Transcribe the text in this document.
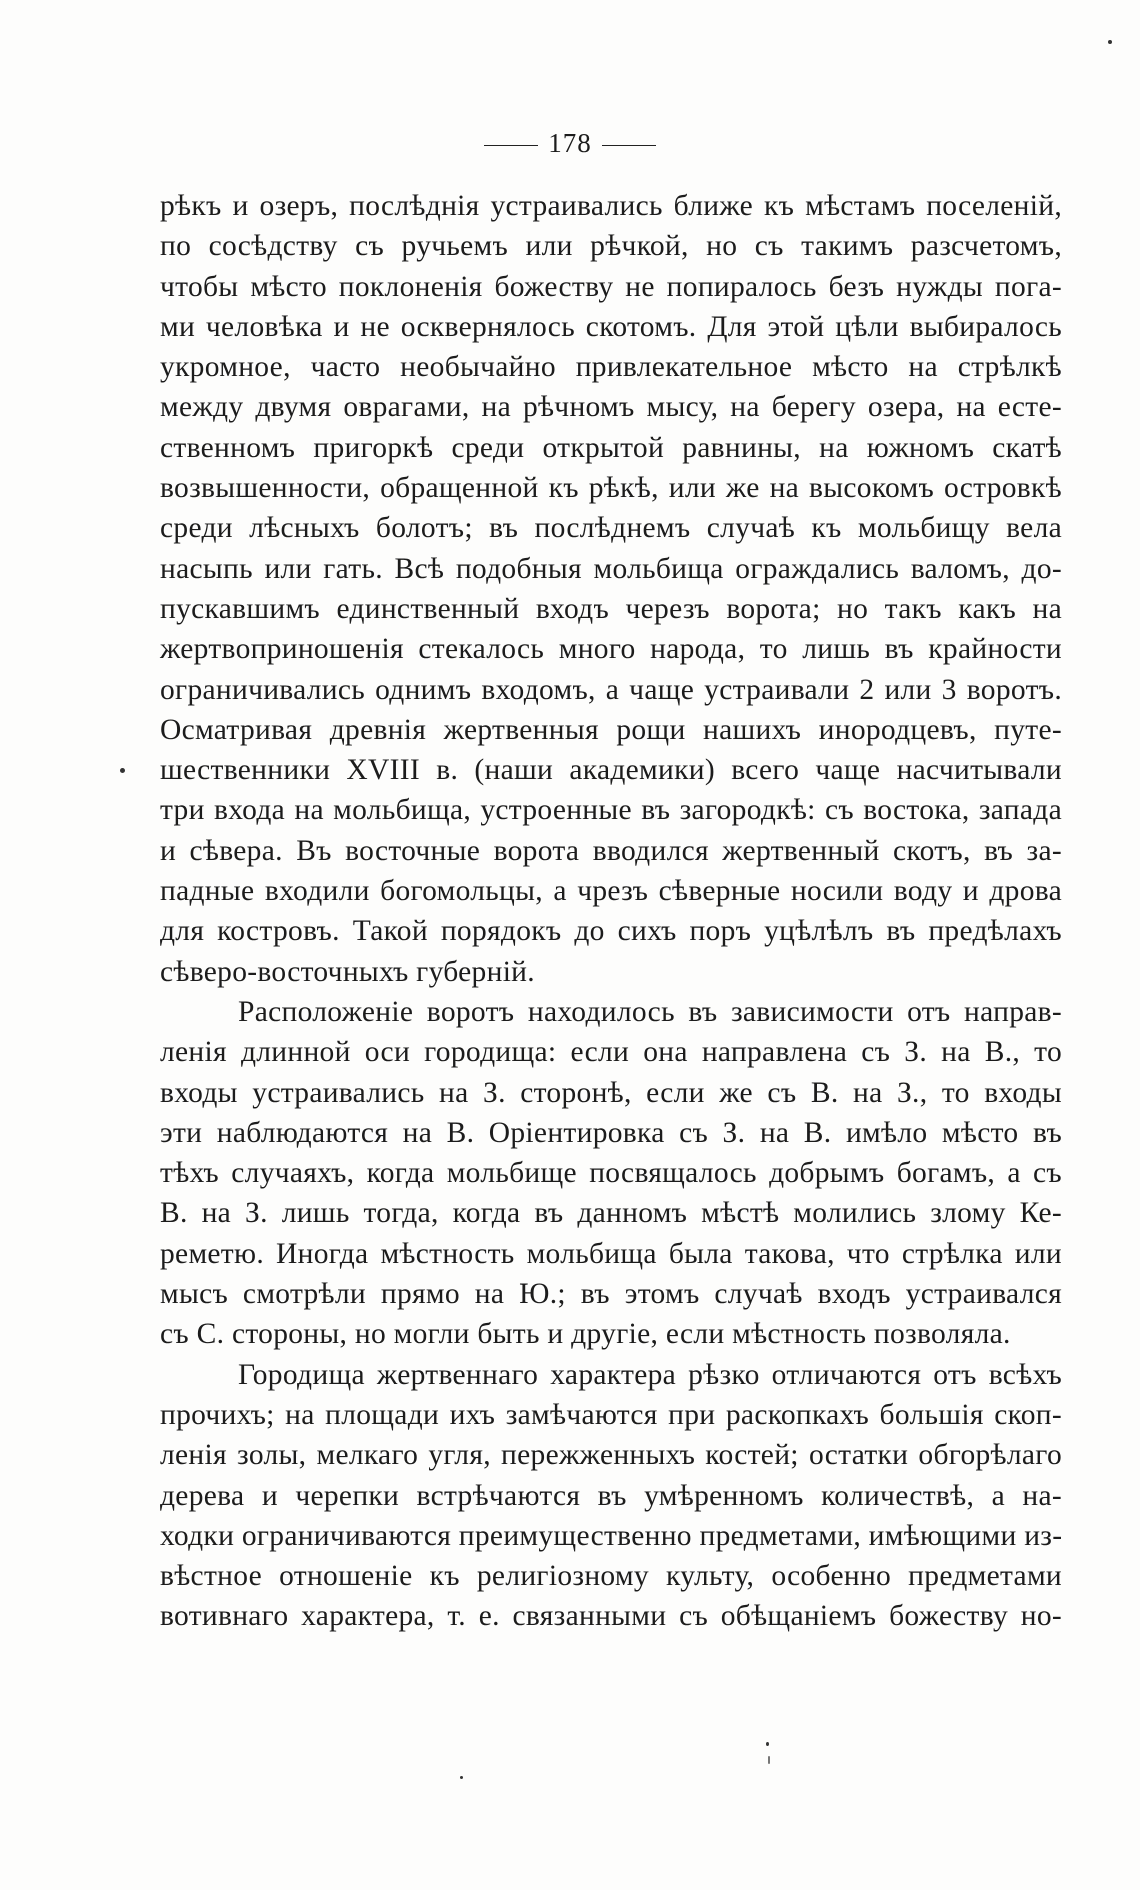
178
рѣкъ и озеръ, послѣднія устраивались ближе къ мѣстамъ поселеній,
по сосѣдству съ ручьемъ или рѣчкой, но съ такимъ разсчетомъ,
чтобы мѣсто поклоненія божеству не попиралось безъ нужды пога-
ми человѣка и не осквернялось скотомъ. Для этой цѣли выбиралось
укромное, часто необычайно привлекательное мѣсто на стрѣлкѣ
между двумя оврагами, на рѣчномъ мысу, на берегу озера, на есте-
ственномъ пригоркѣ среди открытой равнины, на южномъ скатѣ
возвышенности, обращенной къ рѣкѣ, или же на высокомъ островкѣ
среди лѣсныхъ болотъ; въ послѣднемъ случаѣ къ мольбищу вела
насыпь или гать. Всѣ подобныя мольбища ограждались валомъ, до-
пускавшимъ единственный входъ черезъ ворота; но такъ какъ на
жертвоприношенія стекалось много народа, то лишь въ крайности
ограничивались однимъ входомъ, а чаще устраивали 2 или 3 воротъ.
Осматривая древнія жертвенныя рощи нашихъ инородцевъ, путе-
шественники XVIII в. (наши академики) всего чаще насчитывали
три входа на мольбища, устроенные въ загородкѣ: съ востока, запада
и сѣвера. Въ восточные ворота вводился жертвенный скотъ, въ за-
падные входили богомольцы, а чрезъ сѣверные носили воду и дрова
для костровъ. Такой порядокъ до сихъ поръ уцѣлѣлъ въ предѣлахъ
сѣверо-восточныхъ губерній.
Расположеніе воротъ находилось въ зависимости отъ направ-
ленія длинной оси городища: если она направлена съ З. на В., то
входы устраивались на З. сторонѣ, если же съ В. на З., то входы
эти наблюдаются на В. Оріентировка съ З. на В. имѣло мѣсто въ
тѣхъ случаяхъ, когда мольбище посвящалось добрымъ богамъ, а съ
В. на З. лишь тогда, когда въ данномъ мѣстѣ молились злому Ке-
реметю. Иногда мѣстность мольбища была такова, что стрѣлка или
мысъ смотрѣли прямо на Ю.; въ этомъ случаѣ входъ устраивался
съ С. стороны, но могли быть и другіе, если мѣстность позволяла.
Городища жертвеннаго характера рѣзко отличаются отъ всѣхъ
прочихъ; на площади ихъ замѣчаются при раскопкахъ большія скоп-
ленія золы, мелкаго угля, пережженныхъ костей; остатки обгорѣлаго
дерева и черепки встрѣчаются въ умѣренномъ количествѣ, а на-
ходки ограничиваются преимущественно предметами, имѣющими из-
вѣстное отношеніе къ религіозному культу, особенно предметами
вотивнаго характера, т. е. связанными съ обѣщаніемъ божеству но-
